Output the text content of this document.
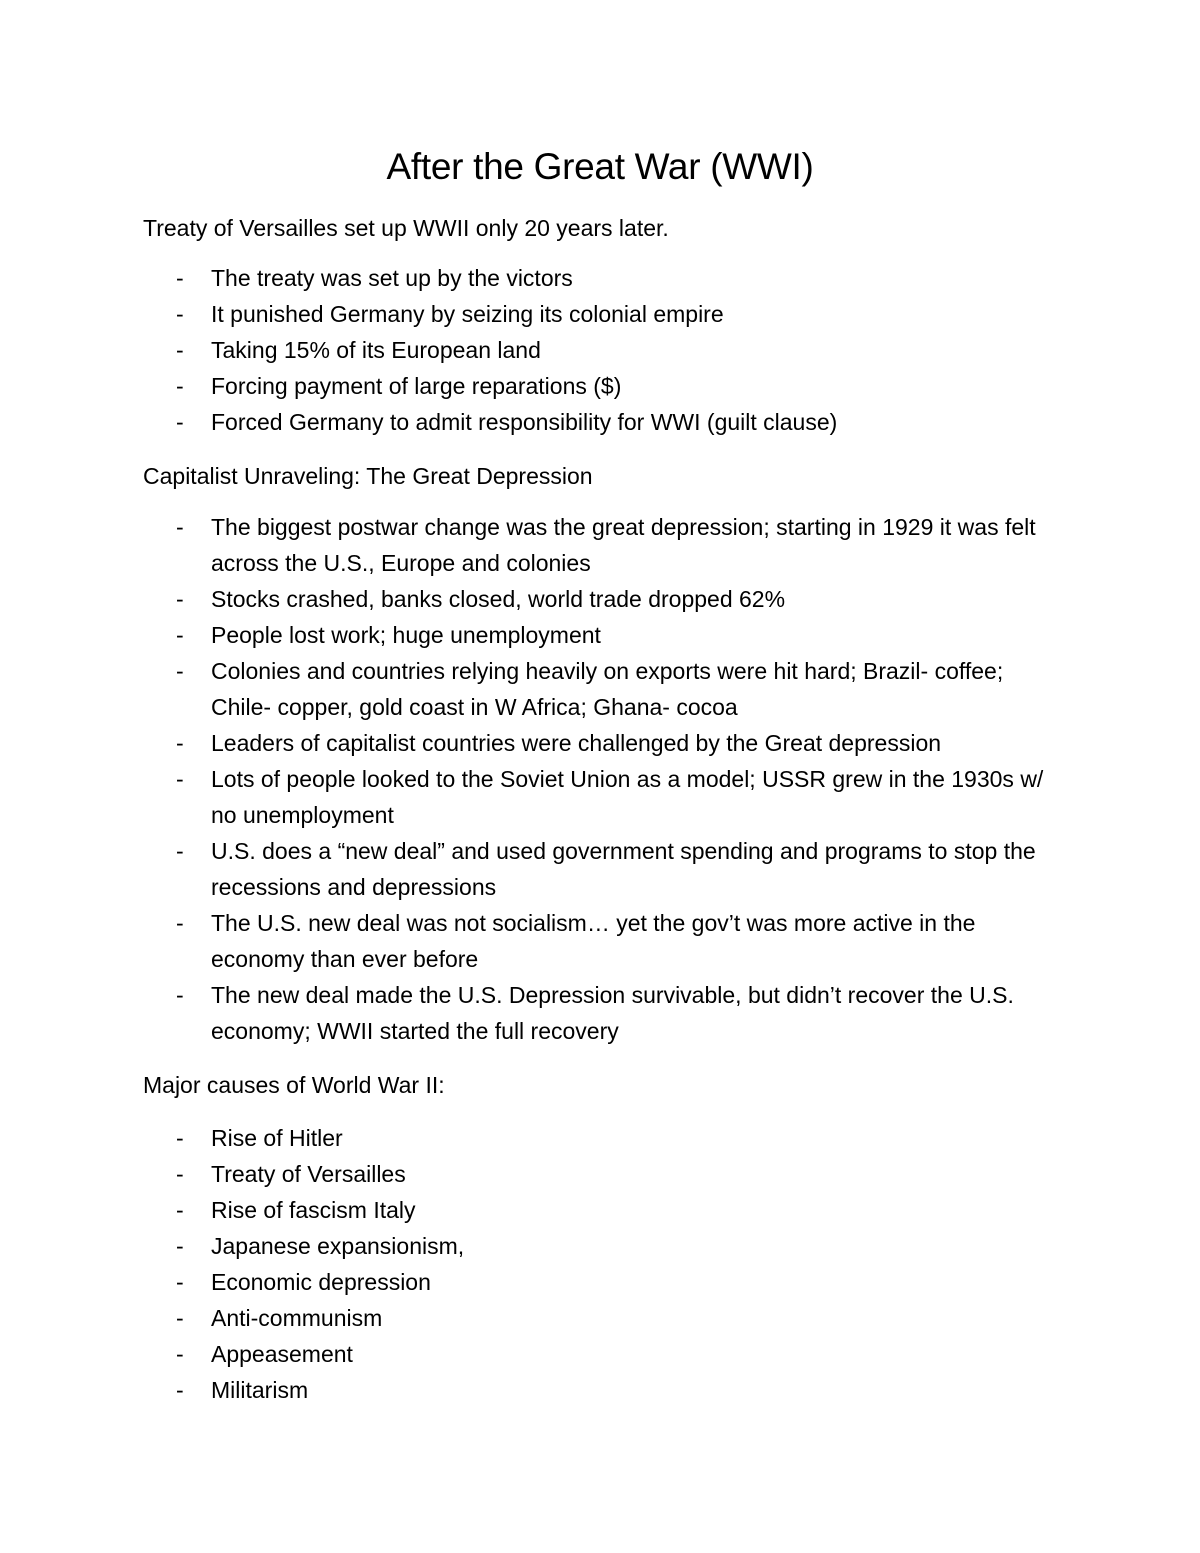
After the Great War (WWI)

Treaty of Versailles set up WWII only 20 years later.

- The treaty was set up by the victors
- It punished Germany by seizing its colonial empire
- Taking 15% of its European land
- Forcing payment of large reparations ($)
- Forced Germany to admit responsibility for WWI (guilt clause)

Capitalist Unraveling: The Great Depression

- The biggest postwar change was the great depression; starting in 1929 it was felt across the U.S., Europe and colonies
- Stocks crashed, banks closed, world trade dropped 62%
- People lost work; huge unemployment
- Colonies and countries relying heavily on exports were hit hard; Brazil- coffee; Chile- copper, gold coast in W Africa; Ghana- cocoa
- Leaders of capitalist countries were challenged by the Great depression
- Lots of people looked to the Soviet Union as a model; USSR grew in the 1930s w/ no unemployment
- U.S. does a “new deal” and used government spending and programs to stop the recessions and depressions
- The U.S. new deal was not socialism… yet the gov’t was more active in the economy than ever before
- The new deal made the U.S. Depression survivable, but didn’t recover the U.S. economy; WWII started the full recovery

Major causes of World War II:

- Rise of Hitler
- Treaty of Versailles
- Rise of fascism Italy
- Japanese expansionism,
- Economic depression
- Anti-communism
- Appeasement
- Militarism
